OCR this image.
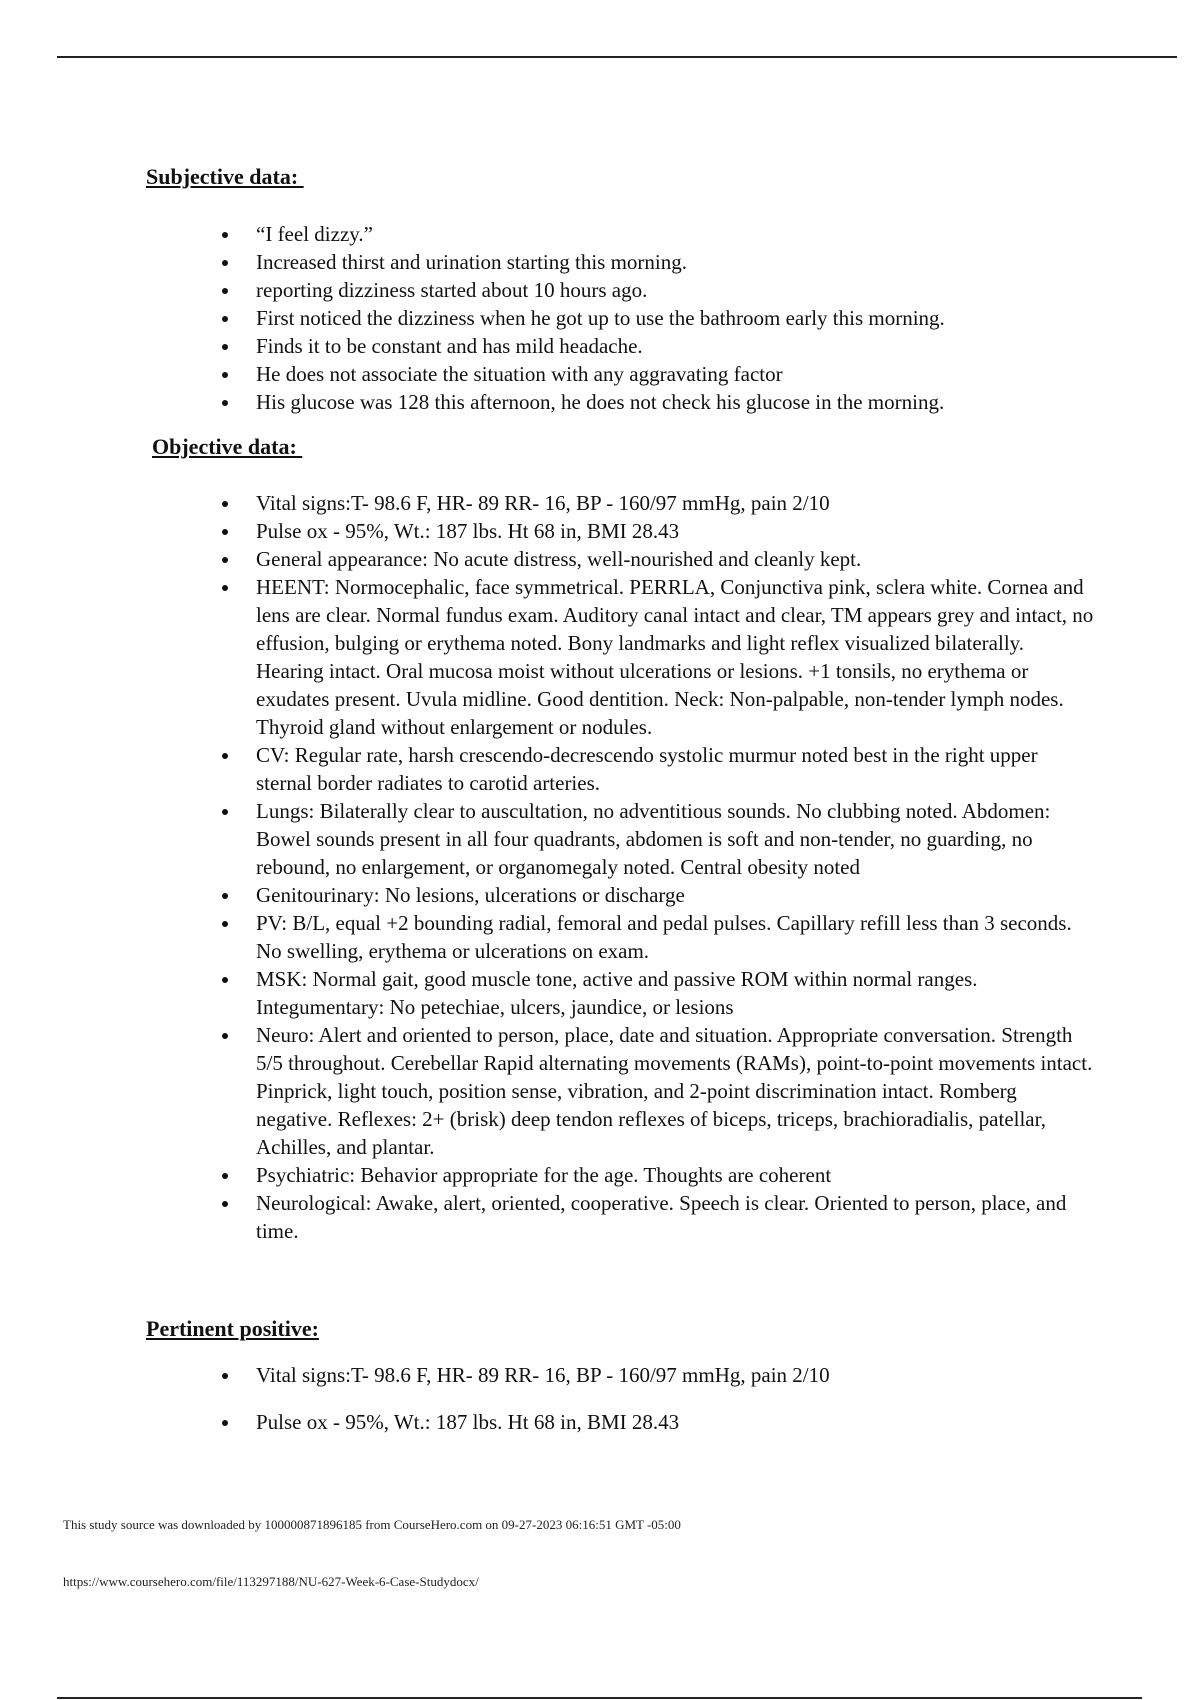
Subjective data:
“I feel dizzy.”
Increased thirst and urination starting this morning.
reporting dizziness started about 10 hours ago.
First noticed the dizziness when he got up to use the bathroom early this morning.
Finds it to be constant and has mild headache.
He does not associate the situation with any aggravating factor
His glucose was 128 this afternoon, he does not check his glucose in the morning.
Objective data:
Vital signs:T- 98.6 F, HR- 89 RR- 16, BP - 160/97 mmHg, pain 2/10
Pulse ox - 95%, Wt.: 187 lbs. Ht 68 in, BMI 28.43
General appearance: No acute distress, well-nourished and cleanly kept.
HEENT: Normocephalic, face symmetrical. PERRLA, Conjunctiva pink, sclera white. Cornea and lens are clear. Normal fundus exam. Auditory canal intact and clear, TM appears grey and intact, no effusion, bulging or erythema noted. Bony landmarks and light reflex visualized bilaterally. Hearing intact. Oral mucosa moist without ulcerations or lesions. +1 tonsils, no erythema or exudates present. Uvula midline. Good dentition. Neck: Non-palpable, non-tender lymph nodes. Thyroid gland without enlargement or nodules.
CV: Regular rate, harsh crescendo-decrescendo systolic murmur noted best in the right upper sternal border radiates to carotid arteries.
Lungs: Bilaterally clear to auscultation, no adventitious sounds. No clubbing noted. Abdomen: Bowel sounds present in all four quadrants, abdomen is soft and non-tender, no guarding, no rebound, no enlargement, or organomegaly noted. Central obesity noted
Genitourinary: No lesions, ulcerations or discharge
PV: B/L, equal +2 bounding radial, femoral and pedal pulses. Capillary refill less than 3 seconds. No swelling, erythema or ulcerations on exam.
MSK: Normal gait, good muscle tone, active and passive ROM within normal ranges. Integumentary: No petechiae, ulcers, jaundice, or lesions
Neuro: Alert and oriented to person, place, date and situation. Appropriate conversation. Strength 5/5 throughout. Cerebellar Rapid alternating movements (RAMs), point-to-point movements intact. Pinprick, light touch, position sense, vibration, and 2-point discrimination intact. Romberg negative. Reflexes: 2+ (brisk) deep tendon reflexes of biceps, triceps, brachioradialis, patellar, Achilles, and plantar.
Psychiatric: Behavior appropriate for the age. Thoughts are coherent
Neurological: Awake, alert, oriented, cooperative. Speech is clear. Oriented to person, place, and time.
Pertinent positive:
Vital signs:T- 98.6 F, HR- 89 RR- 16, BP - 160/97 mmHg, pain 2/10
Pulse ox - 95%, Wt.: 187 lbs. Ht 68 in, BMI 28.43
This study source was downloaded by 100000871896185 from CourseHero.com on 09-27-2023 06:16:51 GMT -05:00
https://www.coursehero.com/file/113297188/NU-627-Week-6-Case-Studydocx/
